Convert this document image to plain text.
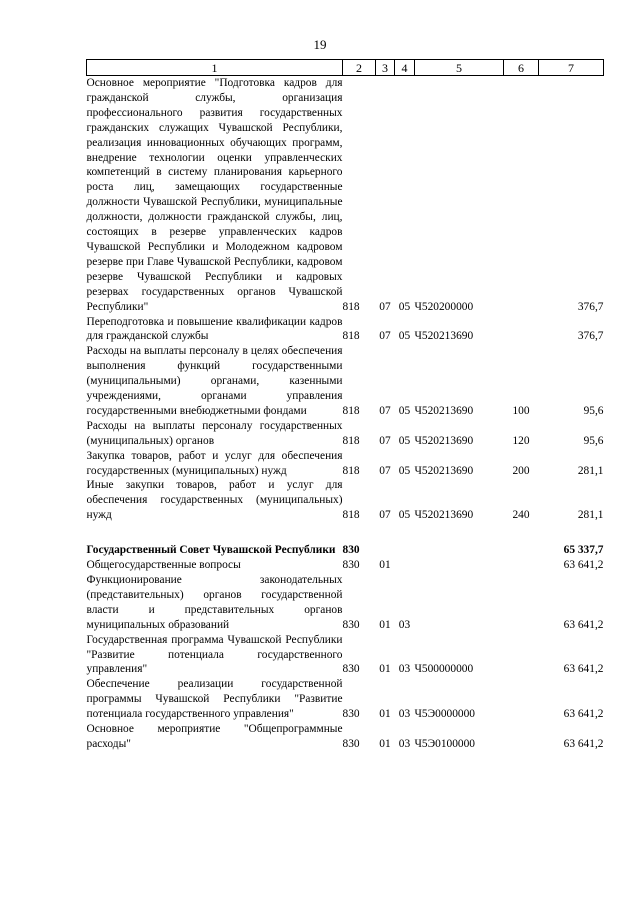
19
1	2	3	4	5	6	7
Основное мероприятие "Подготовка кадров для гражданской службы, организация профессионального развития государственных гражданских служащих Чувашской Республики, реализация инновационных обучающих программ, внедрение технологии оценки управленческих компетенций в систему планирования карьерного роста лиц, замещающих государственные должности Чувашской Республики, муниципальные должности, должности гражданской службы, лиц, состоящих в резерве управленческих кадров Чувашской Республики и Молодежном кадровом резерве при Главе Чувашской Республики, кадровом резерве Чувашской Республики и кадровых резервах государственных органов Чувашской Республики"	818	07	05	Ч520200000		376,7
Переподготовка и повышение квалификации кадров для гражданской службы	818	07	05	Ч520213690		376,7
Расходы на выплаты персоналу в целях обеспечения выполнения функций государственными (муниципальными) органами, казенными учреждениями, органами управления государственными внебюджетными фондами	818	07	05	Ч520213690	100	95,6
Расходы на выплаты персоналу государственных (муниципальных) органов	818	07	05	Ч520213690	120	95,6
Закупка товаров, работ и услуг для обеспечения государственных (муниципальных) нужд	818	07	05	Ч520213690	200	281,1
Иные закупки товаров, работ и услуг для обеспечения государственных (муниципальных) нужд	818	07	05	Ч520213690	240	281,1

Государственный Совет Чувашской Республики	830					65 337,7
Общегосударственные вопросы	830	01				63 641,2
Функционирование законодательных (представительных) органов государственной власти и представительных органов муниципальных образований	830	01	03			63 641,2
Государственная программа Чувашской Республики "Развитие потенциала государственного управления"	830	01	03	Ч500000000		63 641,2
Обеспечение реализации государственной программы Чувашской Республики "Развитие потенциала государственного управления"	830	01	03	Ч5Э0000000		63 641,2
Основное мероприятие "Общепрограммные расходы"	830	01	03	Ч5Э0100000		63 641,2
